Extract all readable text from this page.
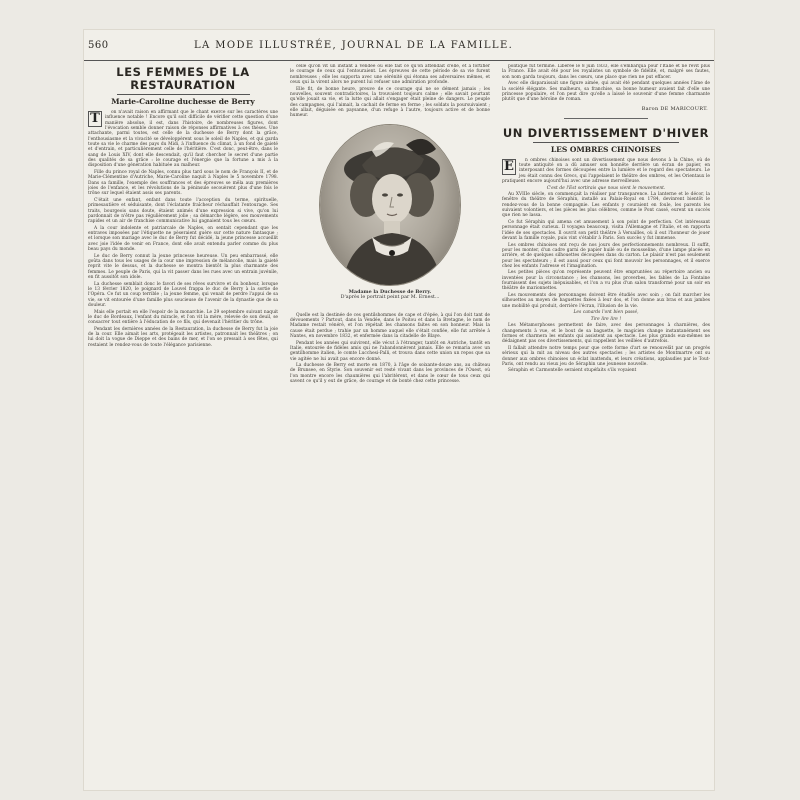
560	LA MODE ILLUSTRÉE, JOURNAL DE LA FAMILLE.
LES FEMMES DE LA RESTAURATION
Marie-Caroline duchesse de Berry
T	on n'avait raison en affirmant que le chant exerce sur les caractères une influence notable ! Encore qu'il soit difficile de vérifier cette question d'une manière absolue, il est, dans l'histoire, de nombreuses figures, dont l'évocation semble donner raison de réponses affirmatives à ces thèses. Une attachante, parmi toutes, est celle de la duchesse de Berry dont la grâce, l'enthousiasme et la vivacité se développèrent sous le soleil de Naples, et qui garda toute sa vie le charme des pays du Midi, à l'influence du climat, à un fond de gaieté et d'entrain, et particulièrement celle de l'héritière. C'est donc, peut-être, dans le sang de Louis XIV, dont elle descendait, qu'il faut chercher le secret d'une partie des qualités de sa grâce : le courage et l'énergie que la fortune a mis à la disposition d'une génération habituée au malheur.

Fille du prince royal de Naples, connu plus tard sous le nom de François II, et de Marie-Clémentine d'Autriche, Marie-Caroline naquit à Naples le 5 novembre 1798. Dans sa famille, l'exemple des souffrances et des épreuves se mêla aux premières joies de l'enfance, et les révolutions de la péninsule secouèrent plus d'une fois le trône sur lequel étaient assis ses parents.

C'était une enfant, enfant dans toute l'acception du terme, spirituelle, primesautière et séduisante, dont l'éclatante fraîcheur réchauffait l'entourage. Ses traits, bourgeois sans doute, étaient animés d'une expression si vive, qu'on lui pardonnait de n'être pas régulièrement jolie ; sa démarche légère, ses mouvements rapides et un air de franchise communicative lui gagnaient tous les cœurs.

A la cour indolente et patriarcale de Naples, on sentait cependant que les entraves imposées par l'étiquette ne pèseraient guère sur cette nature fantasque ; et lorsque son mariage avec le duc de Berry fut décidé, la jeune princesse accueillit avec joie l'idée de venir en France, dont elle avait entendu parler comme du plus beau pays du monde.

Le duc de Berry connut la jeune princesse heureuse. Un peu embarrassé, elle goûta dans tous les usages de la cour une impression de mélancolie, mais la gaieté reprit vite le dessus, et la duchesse se montra bientôt la plus charmante des femmes. Le peuple de Paris, qui la vit passer dans les rues avec un entrain juvénile, en fit aussitôt son idole.

La duchesse semblait donc le favori de ses rêves survivre et du bonheur, lorsque le 13 février 1820, le poignard de Louvel frappa le duc de Berry à la sortie de l'Opéra. Ce fut un coup terrible ; la jeune femme, qui venait de perdre l'appui de sa vie, se vit entourée d'une famille plus soucieuse de l'avenir de la dynastie que de sa douleur.

Mais elle portait en elle l'espoir de la monarchie. Le 29 septembre suivant naquit le duc de Bordeaux, l'enfant du miracle, et l'on vit la mère, relevée de son deuil, se consacrer tout entière à l'éducation de ce fils, qui devenait l'héritier du trône.

Pendant les dernières années de la Restauration, la duchesse de Berry fut la joie de la cour. Elle aimait les arts, protégeait les artistes, patronnait les théâtres ; on lui doit la vogue de Dieppe et des bains de mer, et l'on se pressait à ses fêtes, qui restaient le rendez-vous de toute l'élégance parisienne.

celle qu'on vit un instant à Vendée où elle fait ce qu'on attendait d'elle, et à fortifier le courage de ceux qui l'entouraient. Les épreuves de cette période de sa vie furent nombreuses ; elle les supporta avec une sérénité qui étonna ses adversaires mêmes, et ceux qui la virent alors ne purent lui refuser une admiration profonde.

Elle fit, de bonne heure, preuve de ce courage qui ne se dément jamais ; les nouvelles, souvent contradictoires, la trouvaient toujours calme ; elle savait pourtant qu'elle jouait sa vie, et la lutte qui allait s'engager était pleine de dangers. Le peuple des campagnes, qui l'aimait, la cachait de ferme en ferme ; les soldats la poursuivaient ; elle allait, déguisée en paysanne, d'un refuge à l'autre, toujours active et de bonne humeur.

Madame la Duchesse de Berry.
D'après le portrait peint par M. Ernest...

Quelle est la destinée de ces gentilshommes de cape et d'épée, à qui l'on doit tant de dévouements ? Partout, dans la Vendée, dans le Poitou et dans la Bretagne, le nom de Madame restait vénéré, et l'on répétait les chansons faites en son honneur. Mais la cause était perdue ; trahie par un homme auquel elle s'était confiée, elle fut arrêtée à Nantes, en novembre 1832, et enfermée dans la citadelle de Blaye.

Pendant les années qui suivirent, elle vécut à l'étranger, tantôt en Autriche, tantôt en Italie, entourée de fidèles amis qui ne l'abandonnèrent jamais. Elle se remaria avec un gentilhomme italien, le comte Lucchesi-Palli, et trouva dans cette union un repos que sa vie agitée ne lui avait pas encore donné.

La duchesse de Berry est morte en 1870, à l'âge de soixante-douze ans, au château de Brunsee, en Styrie. Son souvenir est resté vivant dans les provinces de l'Ouest, où l'on montre encore les chaumières qui l'abritèrent, et dans le cœur de tous ceux qui savent ce qu'il y eut de grâce, de courage et de bonté chez cette princesse.

politique fut terminé. Libérée le 8 juin 1833, elle s'embarqua pour l'Italie et ne revit plus la France. Elle avait été pour les royalistes un symbole de fidélité, et, malgré ses fautes, son nom garda toujours, dans les cœurs, une place que rien ne put effacer.

Avec elle disparaissait une figure aimée, qui avait été pendant quelques années l'âme de la société élégante. Ses malheurs, sa franchise, sa bonne humeur avaient fait d'elle une princesse populaire, et l'on peut dire qu'elle a laissé le souvenir d'une femme charmante plutôt que d'une héroïne de roman.

Baron DE MARICOURT.
UN DIVERTISSEMENT D'HIVER
LES OMBRES CHINOISES
E	n ombres chinoises sont un divertissement que nous devons à la Chine, où de toute antiquité on a dû amuser son honnête derrière un écran de papier, en interposant des formes découpées entre la lumière et le regard des spectateurs. Le jeu était connu des Grecs, qui l'appelaient le théâtre des ombres, et les Orientaux le pratiquent encore aujourd'hui avec une adresse merveilleuse.

C'est de l'Est sortirais que nous vient le mouvement.

Au XVIIIe siècle, on commençait la réaliser par transparence. La lanterne et le décor, la fenêtre du théâtre de Séraphin, installé au Palais-Royal en 1784, devinrent bientôt le rendez-vous de la bonne compagnie. Les enfants y couraient en foule, les parents les suivaient volontiers, et les pièces les plus célèbres, comme le Pont cassé, eurent un succès que rien ne lassa.

Ce fut Séraphin qui amena cet amusement à son point de perfection. Cet intéressant personnage était curieux. Il voyagea beaucoup, visita l'Allemagne et l'Italie, et en rapporta l'idée de ses spectacles. Il ouvrit son petit théâtre à Versailles, où il eut l'honneur de jouer devant la famille royale, puis vint s'établir à Paris. Son succès y fut immense.

Les ombres chinoises ont reçu de nos jours des perfectionnements nombreux. Il suffit, pour les monter, d'un cadre garni de papier huilé ou de mousseline, d'une lampe placée en arrière, et de quelques silhouettes découpées dans du carton. Le plaisir n'est pas seulement pour les spectateurs ; il est aussi pour ceux qui font mouvoir les personnages, et il exerce chez les enfants l'adresse et l'imagination.

Les petites pièces qu'on représente peuvent être empruntées au répertoire ancien ou inventées pour la circonstance ; les chansons, les proverbes, les fables de La Fontaine fournissent des sujets inépuisables, et l'on a vu plus d'un salon transformé pour un soir en théâtre de marionnettes.

Les mouvements des personnages doivent être étudiés avec soin ; on fait marcher les silhouettes au moyen de baguettes fixées à leur dos, et l'on donne aux bras et aux jambes une mobilité qui produit, derrière l'écran, l'illusion de la vie.

Les canards l'ont bien passé,

Tire lire lire !

Les Métamorphoses permettent de faire, avec des personnages à charnières, des changements à vue, et le bout de sa baguette, le magicien change instantanément ses formes et charmera les enfants qui assistent au spectacle. Les plus grands eux-mêmes ne dédaignent pas ces divertissements, qui rappellent les veillées d'autrefois.

Il fallait attendre notre temps pour que cette forme d'art se renouvelât par un progrès sérieux qui la mit au niveau des autres spectacles ; les artistes de Montmartre ont su donner aux ombres chinoises un éclat inattendu, et leurs créations, applaudies par le Tout-Paris, ont rendu au vieux jeu de Séraphin une jeunesse nouvelle.

Séraphin et Carmontelle seraient stupéfaits s'ils voyaient
